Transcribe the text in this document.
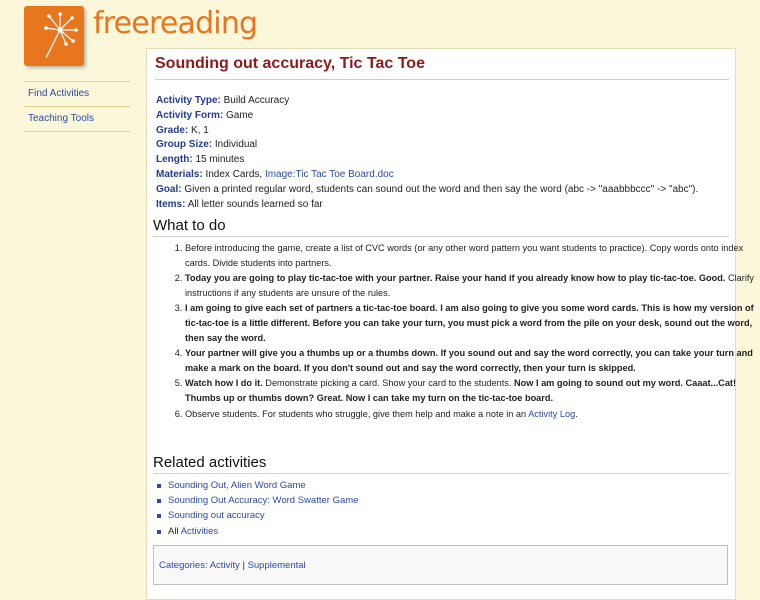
freereading
Find Activities
Teaching Tools
Sounding out accuracy, Tic Tac Toe
Activity Type: Build Accuracy
Activity Form: Game
Grade: K, 1
Group Size: Individual
Length: 15 minutes
Materials: Index Cards, Image:Tic Tac Toe Board.doc
Goal: Given a printed regular word, students can sound out the word and then say the word (abc -> "aaabbbccc" -> "abc").
Items: All letter sounds learned so far
What to do
1. Before introducing the game, create a list of CVC words (or any other word pattern you want students to practice). Copy words onto index cards. Divide students into partners.
2. Today you are going to play tic-tac-toe with your partner. Raise your hand if you already know how to play tic-tac-toe. Good. Clarify instructions if any students are unsure of the rules.
3. I am going to give each set of partners a tic-tac-toe board. I am also going to give you some word cards. This is how my version of tic-tac-toe is a little different. Before you can take your turn, you must pick a word from the pile on your desk, sound out the word, then say the word.
4. Your partner will give you a thumbs up or a thumbs down. If you sound out and say the word correctly, you can take your turn and make a mark on the board. If you don't sound out and say the word correctly, then your turn is skipped.
5. Watch how I do it. Demonstrate picking a card. Show your card to the students. Now I am going to sound out my word. Caaat...Cat! Thumbs up or thumbs down? Great. Now I can take my turn on the tic-tac-toe board.
6. Observe students. For students who struggle, give them help and make a note in an Activity Log.
Related activities
Sounding Out, Alien Word Game
Sounding Out Accuracy: Word Swatter Game
Sounding out accuracy
All Activities
Categories: Activity | Supplemental
